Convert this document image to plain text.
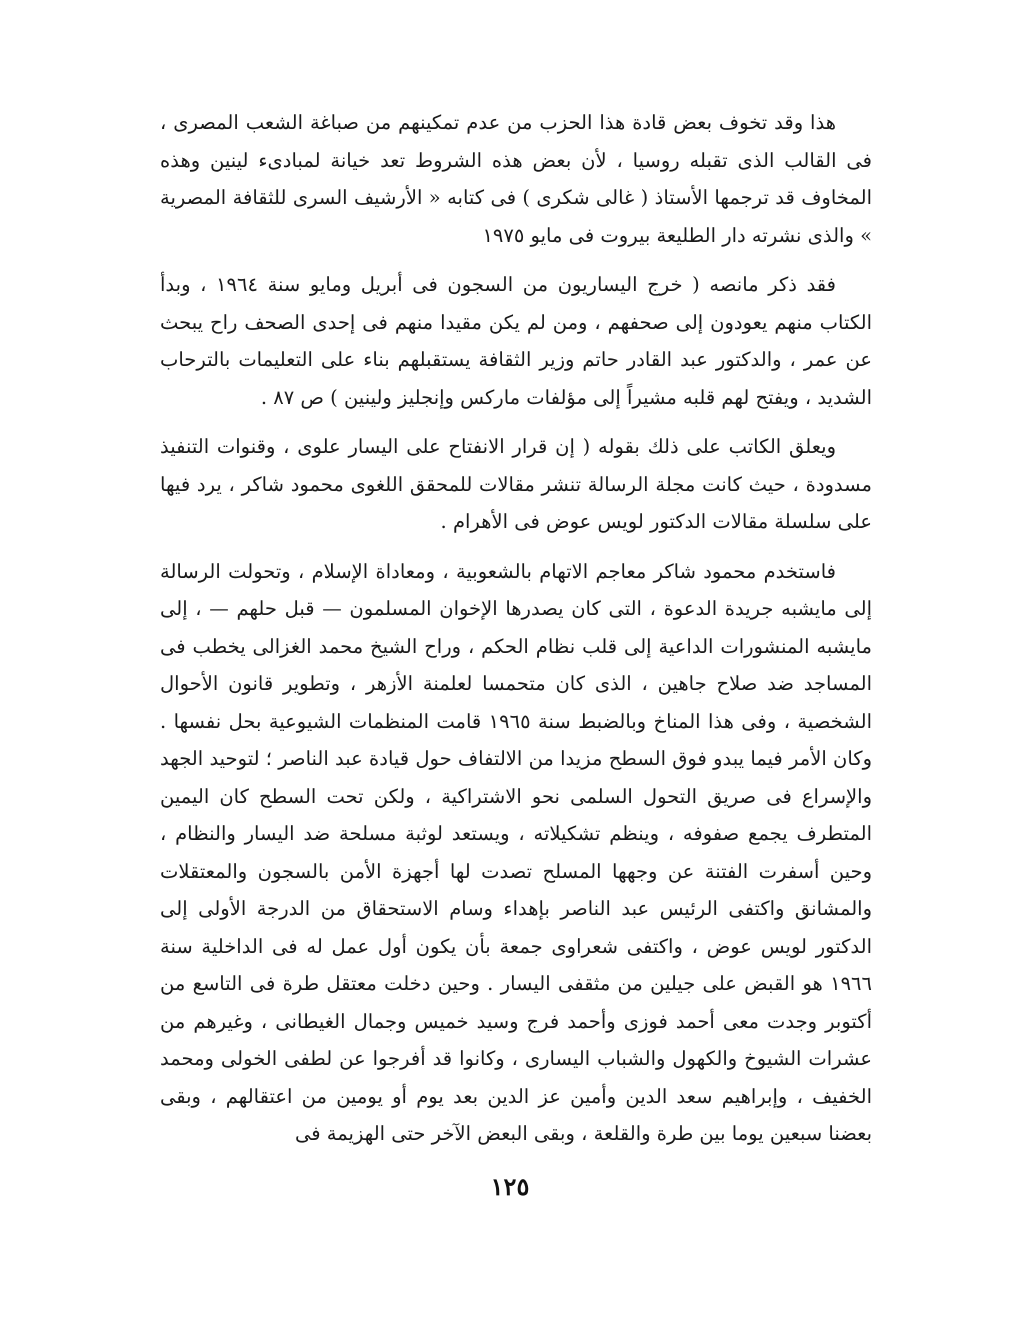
هذا وقد تخوف بعض قادة هذا الحزب من عدم تمكينهم من صباغة الشعب المصرى ، فى القالب الذى تقبله روسيا ، لأن بعض هذه الشروط تعد خيانة لمبادىء لينين وهذه المخاوف قد ترجمها الأستاذ ( غالى شكرى ) فى كتابه « الأرشيف السرى للثقافة المصرية » والذى نشرته دار الطليعة بيروت فى مايو ١٩٧٥

فقد ذكر مانصه ( خرج اليساريون من السجون فى أبريل ومايو سنة ١٩٦٤ ، وبدأ الكتاب منهم يعودون إلى صحفهم ، ومن لم يكن مقيدا منهم فى إحدى الصحف راح يبحث عن عمر ، والدكتور عبد القادر حاتم وزير الثقافة يستقبلهم بناء على التعليمات بالترحاب الشديد ، ويفتح لهم قلبه مشيراً إلى مؤلفات ماركس وإنجليز ولينين ) ص ٨٧ .

ويعلق الكاتب على ذلك بقوله ( إن قرار الانفتاح على اليسار علوى ، وقنوات التنفيذ مسدودة ، حيث كانت مجلة الرسالة تنشر مقالات للمحقق اللغوى محمود شاكر ، يرد فيها على سلسلة مقالات الدكتور لويس عوض فى الأهرام .

فاستخدم محمود شاكر معاجم الاتهام بالشعوبية ، ومعاداة الإسلام ، وتحولت الرسالة إلى مايشبه جريدة الدعوة ، التى كان يصدرها الإخوان المسلمون — قبل حلهم — ، إلى مايشبه المنشورات الداعية إلى قلب نظام الحكم ، وراح الشيخ محمد الغزالى يخطب فى المساجد ضد صلاح جاهين ، الذى كان متحمسا لعلمنة الأزهر ، وتطوير قانون الأحوال الشخصية ، وفى هذا المناخ وبالضبط سنة ١٩٦٥ قامت المنظمات الشيوعية بحل نفسها . وكان الأمر فيما يبدو فوق السطح مزيدا من الالتفاف حول قيادة عبد الناصر ؛ لتوحيد الجهد والإسراع فى صريق التحول السلمى نحو الاشتراكية ، ولكن تحت السطح كان اليمين المتطرف يجمع صفوفه ، وينظم تشكيلاته ، ويستعد لوثبة مسلحة ضد اليسار والنظام ، وحين أسفرت الفتنة عن وجهها المسلح تصدت لها أجهزة الأمن بالسجون والمعتقلات والمشانق واكتفى الرئيس عبد الناصر بإهداء وسام الاستحقاق من الدرجة الأولى إلى الدكتور لويس عوض ، واكتفى شعراوى جمعة بأن يكون أول عمل له فى الداخلية سنة ١٩٦٦ هو القبض على جيلين من مثقفى اليسار . وحين دخلت معتقل طرة فى التاسع من أكتوبر وجدت معى أحمد فوزى وأحمد فرج وسيد خميس وجمال الغيطانى ، وغيرهم من عشرات الشيوخ والكهول والشباب اليسارى ، وكانوا قد أفرجوا عن لطفى الخولى ومحمد الخفيف ، وإبراهيم سعد الدين وأمين عز الدين بعد يوم أو يومين من اعتقالهم ، وبقى بعضنا سبعين يوما بين طرة والقلعة ، وبقى البعض الآخر حتى الهزيمة فى

١٢٥
